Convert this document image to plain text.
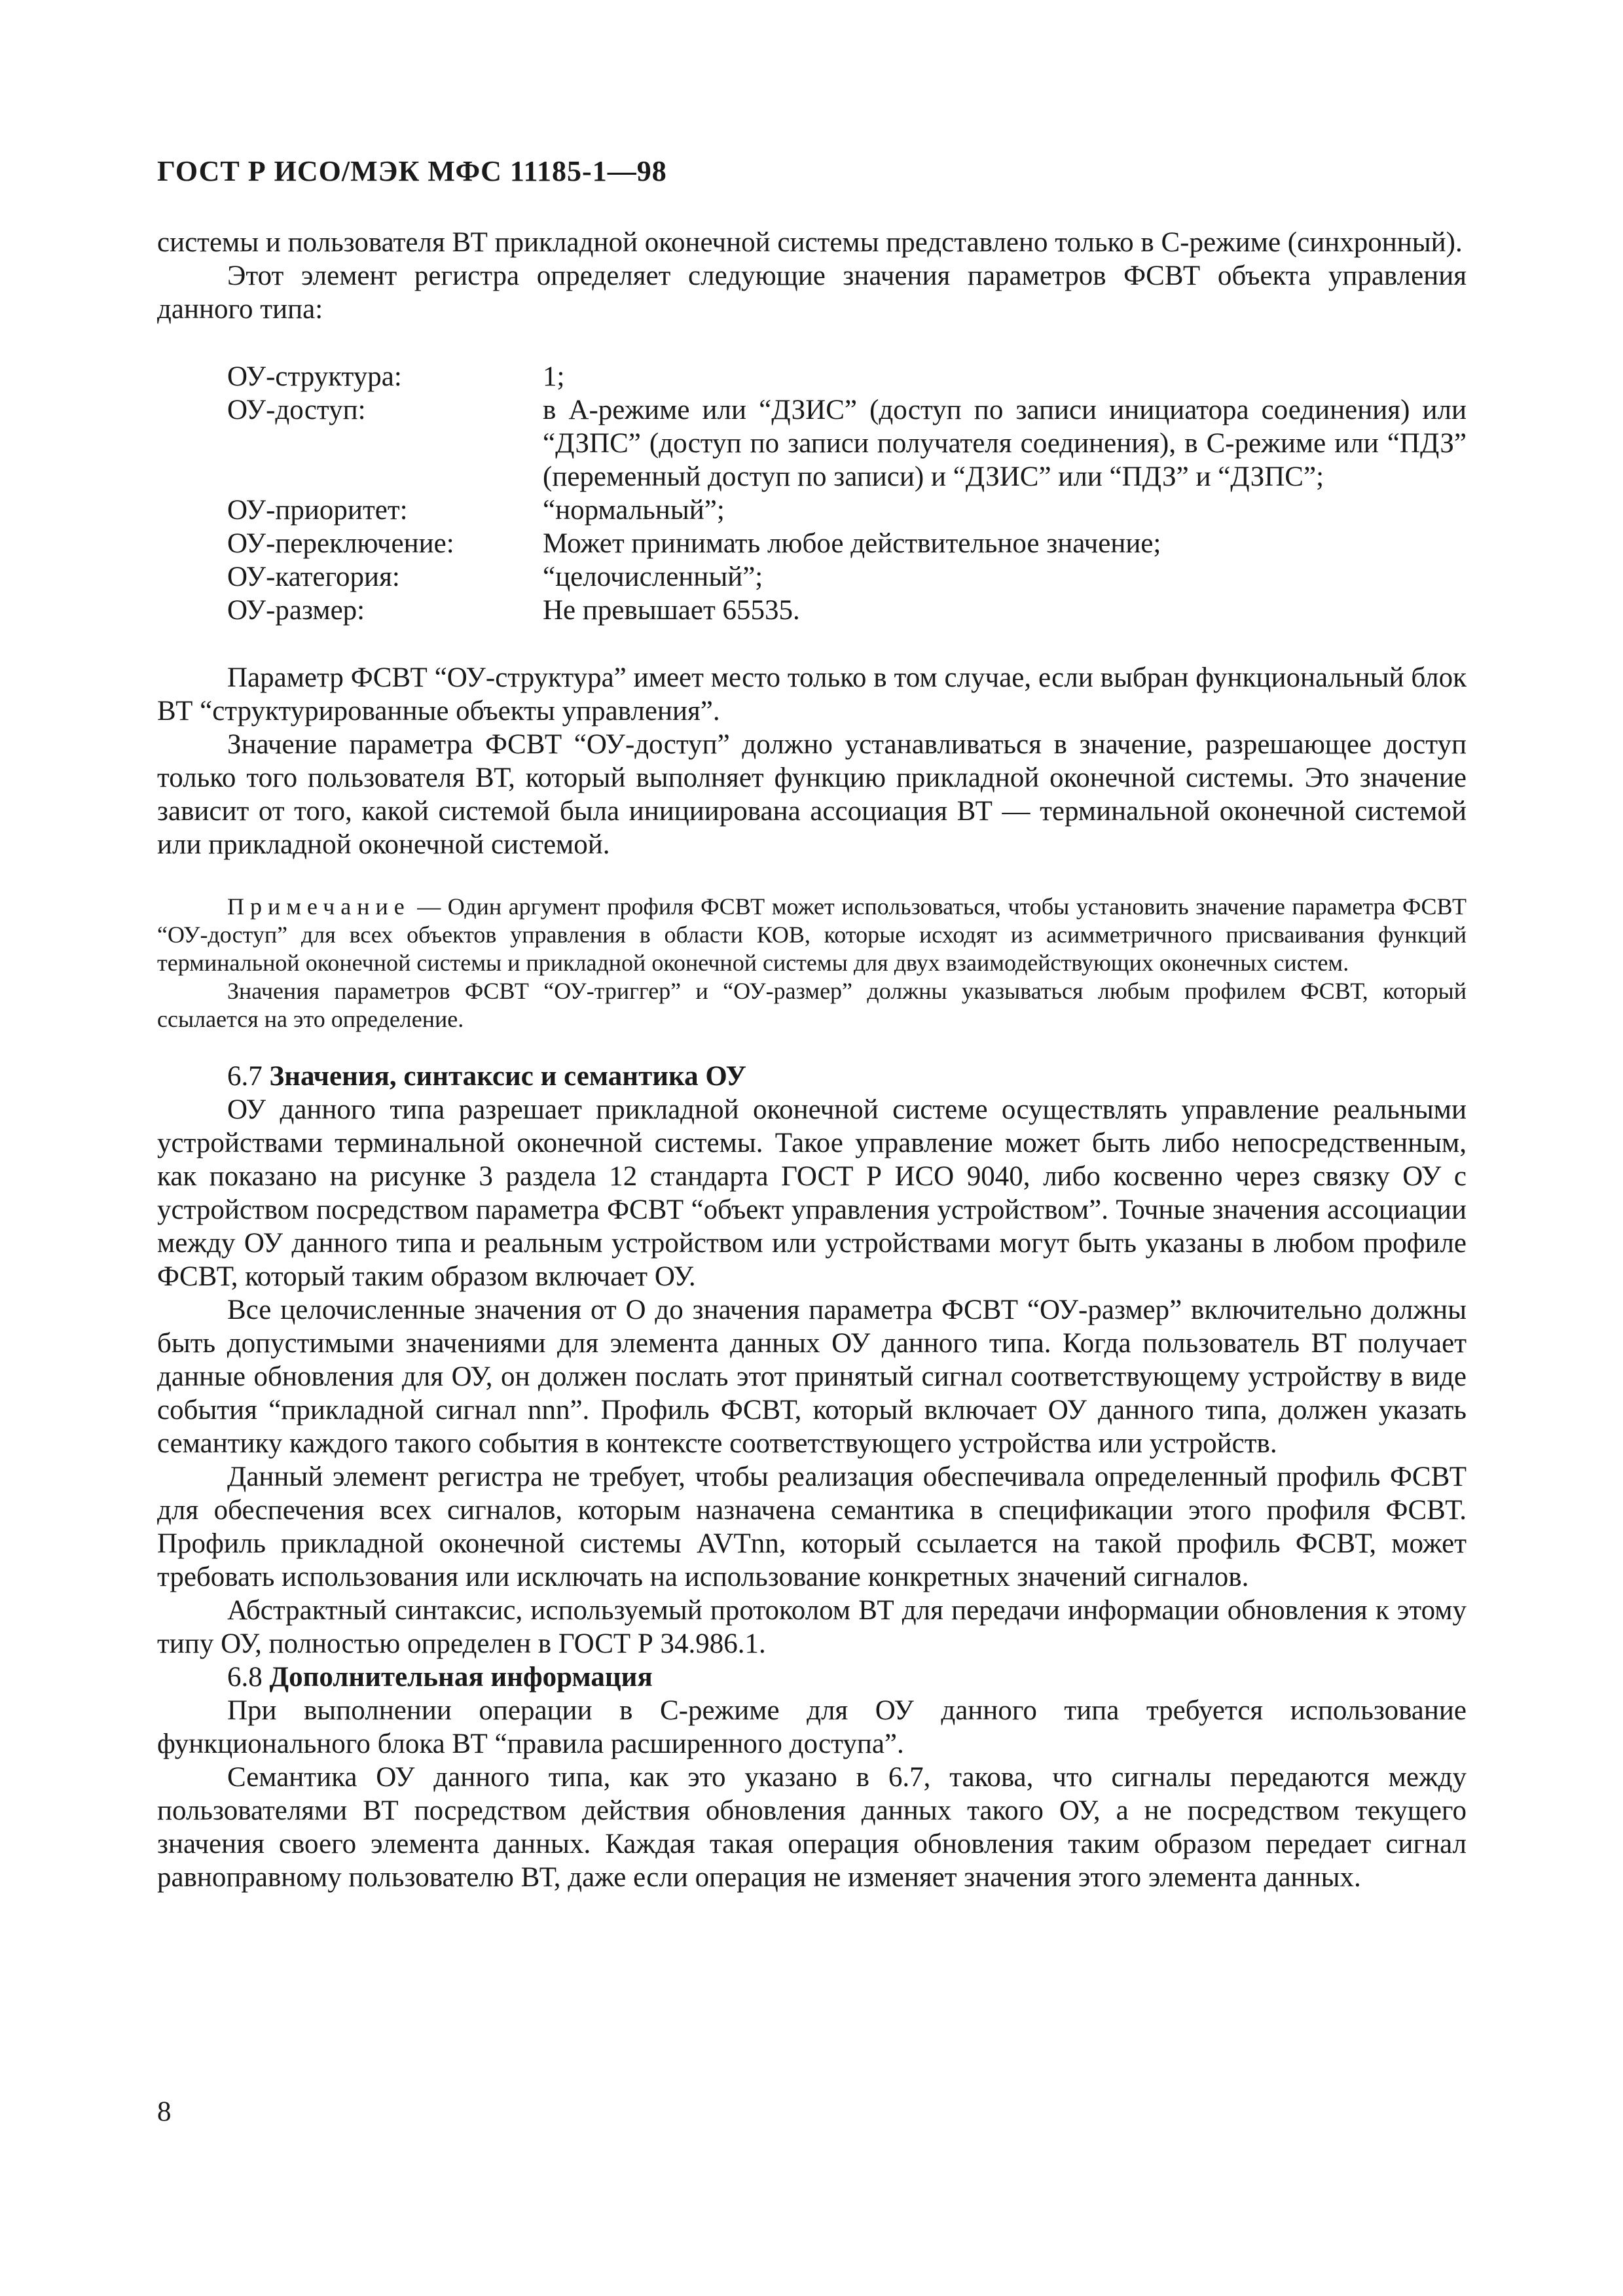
ГОСТ Р ИСО/МЭК МФС 11185-1—98

системы и пользователя ВТ прикладной оконечной системы представлено только в С-режиме (синхронный).

Этот элемент регистра определяет следующие значения параметров ФСВТ объекта управления данного типа:

ОУ-структура:	1;
ОУ-доступ:	в А-режиме или “ДЗИС” (доступ по записи инициатора соединения) или “ДЗПС” (доступ по записи получателя соединения), в С-режиме или “ПДЗ” (переменный доступ по записи) и “ДЗИС” или “ПДЗ” и “ДЗПС”;
ОУ-приоритет:	“нормальный”;
ОУ-переключение:	Может принимать любое действительное значение;
ОУ-категория:	“целочисленный”;
ОУ-размер:	Не превышает 65535.

Параметр ФСВТ “ОУ-структура” имеет место только в том случае, если выбран функциональный блок ВТ “структурированные объекты управления”.

Значение параметра ФСВТ “ОУ-доступ” должно устанавливаться в значение, разрешающее доступ только того пользователя ВТ, который выполняет функцию прикладной оконечной системы. Это значение зависит от того, какой системой была инициирована ассоциация ВТ — терминальной оконечной системой или прикладной оконечной системой.

Примечание — Один аргумент профиля ФСВТ может использоваться, чтобы установить значение параметра ФСВТ “ОУ-доступ” для всех объектов управления в области КОВ, которые исходят из асимметричного присваивания функций терминальной оконечной системы и прикладной оконечной системы для двух взаимодействующих оконечных систем.

Значения параметров ФСВТ “ОУ-триггер” и “ОУ-размер” должны указываться любым профилем ФСВТ, который ссылается на это определение.

6.7 Значения, синтаксис и семантика ОУ

ОУ данного типа разрешает прикладной оконечной системе осуществлять управление реальными устройствами терминальной оконечной системы. Такое управление может быть либо непосредственным, как показано на рисунке 3 раздела 12 стандарта ГОСТ Р ИСО 9040, либо косвенно через связку ОУ с устройством посредством параметра ФСВТ “объект управления устройством”. Точные значения ассоциации между ОУ данного типа и реальным устройством или устройствами могут быть указаны в любом профиле ФСВТ, который таким образом включает ОУ.

Все целочисленные значения от О до значения параметра ФСВТ “ОУ-размер” включительно должны быть допустимыми значениями для элемента данных ОУ данного типа. Когда пользователь ВТ получает данные обновления для ОУ, он должен послать этот принятый сигнал соответствующему устройству в виде события “прикладной сигнал nnn”. Профиль ФСВТ, который включает ОУ данного типа, должен указать семантику каждого такого события в контексте соответствующего устройства или устройств.

Данный элемент регистра не требует, чтобы реализация обеспечивала определенный профиль ФСВТ для обеспечения всех сигналов, которым назначена семантика в спецификации этого профиля ФСВТ. Профиль прикладной оконечной системы AVTnn, который ссылается на такой профиль ФСВТ, может требовать использования или исключать на использование конкретных значений сигналов.

Абстрактный синтаксис, используемый протоколом ВТ для передачи информации обновления к этому типу ОУ, полностью определен в ГОСТ Р 34.986.1.

6.8 Дополнительная информация

При выполнении операции в С-режиме для ОУ данного типа требуется использование функционального блока ВТ “правила расширенного доступа”.

Семантика ОУ данного типа, как это указано в 6.7, такова, что сигналы передаются между пользователями ВТ посредством действия обновления данных такого ОУ, а не посредством текущего значения своего элемента данных. Каждая такая операция обновления таким образом передает сигнал равноправному пользователю ВТ, даже если операция не изменяет значения этого элемента данных.

8
